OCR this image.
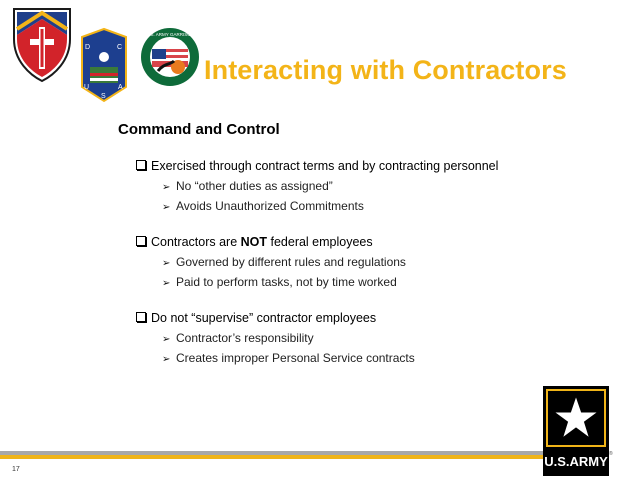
D	C
U	A
S
U.S. ARMY GARRISON
Interacting with Contractors
Command and Control
Exercised through contract terms and by contracting personnel
➢ No “other duties as assigned”
➢ Avoids Unauthorized Commitments
Contractors are NOT federal employees
➢ Governed by different rules and regulations
➢ Paid to perform tasks, not by time worked
Do not “supervise” contractor employees
➢ Contractor’s responsibility
➢ Creates improper Personal Service contracts
17
U.S.ARMY ®
